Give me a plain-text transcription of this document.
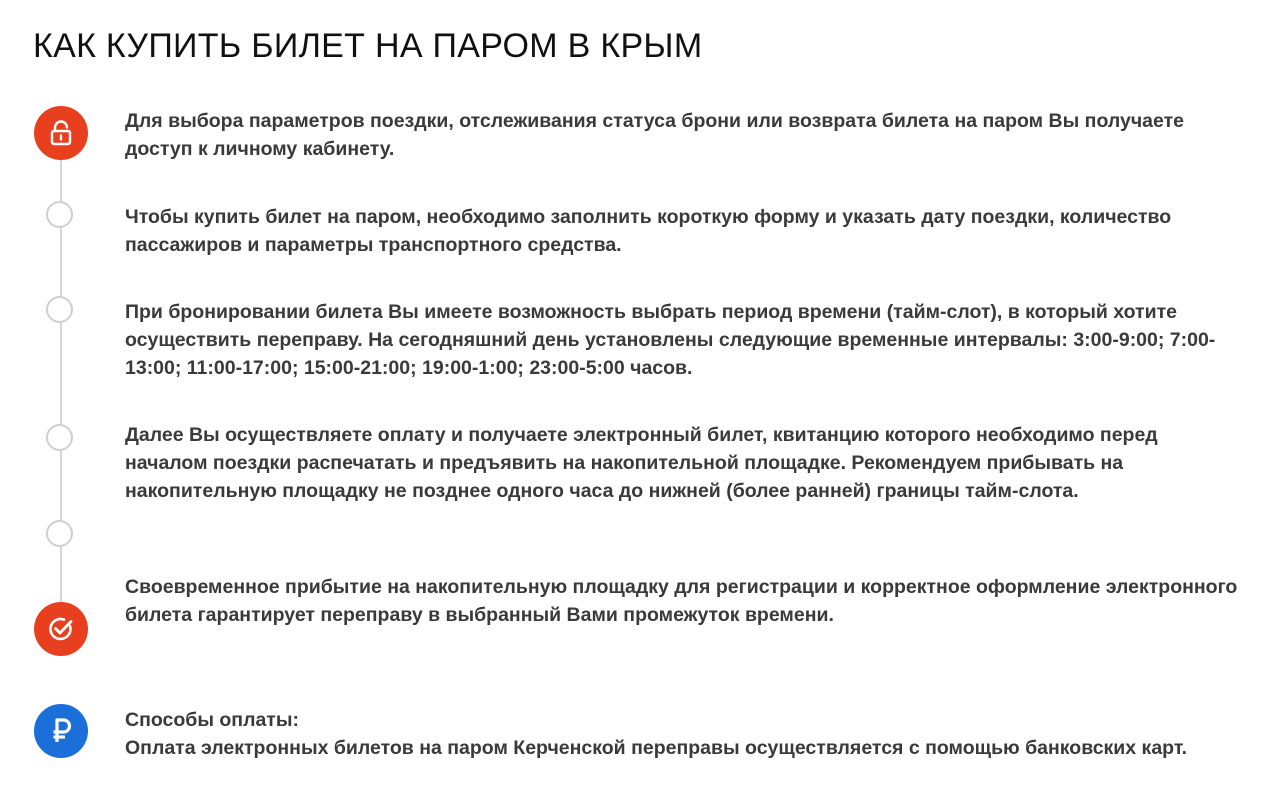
КАК КУПИТЬ БИЛЕТ НА ПАРОМ В КРЫМ

Для выбора параметров поездки, отслеживания статуса брони или возврата билета на паром Вы получаете доступ к личному кабинету.

Чтобы купить билет на паром, необходимо заполнить короткую форму и указать дату поездки, количество пассажиров и параметры транспортного средства.

При бронировании билета Вы имеете возможность выбрать период времени (тайм-слот), в который хотите осуществить переправу. На сегодняшний день установлены следующие временные интервалы: 3:00-9:00; 7:00-13:00; 11:00-17:00; 15:00-21:00; 19:00-1:00; 23:00-5:00 часов.

Далее Вы осуществляете оплату и получаете электронный билет, квитанцию которого необходимо перед началом поездки распечатать и предъявить на накопительной площадке. Рекомендуем прибывать на накопительную площадку не позднее одного часа до нижней (более ранней) границы тайм-слота.

Своевременное прибытие на накопительную площадку для регистрации и корректное оформление электронного билета гарантирует переправу в выбранный Вами промежуток времени.

Способы оплаты:
Оплата электронных билетов на паром Керченской переправы осуществляется с помощью банковских карт.
